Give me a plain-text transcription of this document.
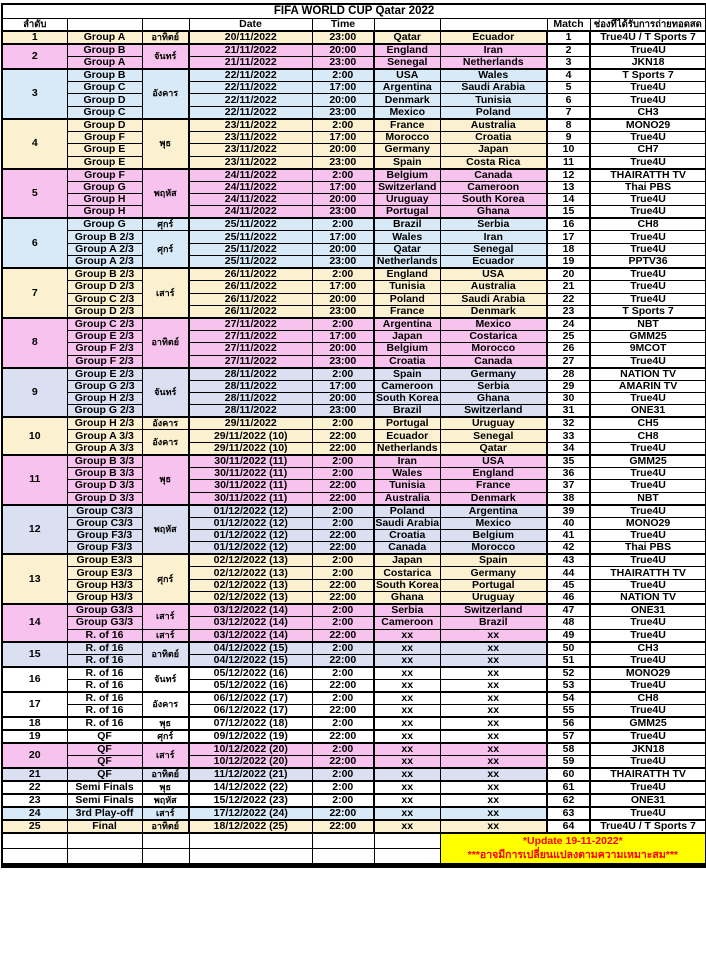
FIFA WORLD CUP Qatar 2022								
ลำดับ			Date	Time			Match	ช่องที่ได้รับการถ่ายทอดสด
1	Group A	อาทิตย์	20/11/2022	23:00	Qatar	Ecuador	1	True4U / T Sports 7
2	Group B	จันทร์	21/11/2022	20:00	England	Iran	2	True4U
	Group A		21/11/2022	23:00	Senegal	Netherlands	3	JKN18
3	Group B	อังคาร	22/11/2022	2:00	USA	Wales	4	T Sports 7
	Group C		22/11/2022	17:00	Argentina	Saudi Arabia	5	True4U
	Group D		22/11/2022	20:00	Denmark	Tunisia	6	True4U
	Group C		22/11/2022	23:00	Mexico	Poland	7	CH3
4	Group D	พุธ	23/11/2022	2:00	France	Australia	8	MONO29
	Group F		23/11/2022	17:00	Morocco	Croatia	9	True4U
	Group E		23/11/2022	20:00	Germany	Japan	10	CH7
	Group E		23/11/2022	23:00	Spain	Costa Rica	11	True4U
5	Group F	พฤหัส	24/11/2022	2:00	Belgium	Canada	12	THAIRATTH TV
	Group G		24/11/2022	17:00	Switzerland	Cameroon	13	Thai PBS
	Group H		24/11/2022	20:00	Uruguay	South Korea	14	True4U
	Group H		24/11/2022	23:00	Portugal	Ghana	15	True4U
6	Group G	ศุกร์	25/11/2022	2:00	Brazil	Serbia	16	CH8
	Group B 2/3	ศุกร์	25/11/2022	17:00	Wales	Iran	17	True4U
	Group A 2/3		25/11/2022	20:00	Qatar	Senegal	18	True4U
	Group A 2/3		25/11/2022	23:00	Netherlands	Ecuador	19	PPTV36
7	Group B 2/3	เสาร์	26/11/2022	2:00	England	USA	20	True4U
	Group D 2/3		26/11/2022	17:00	Tunisia	Australia	21	True4U
	Group C 2/3		26/11/2022	20:00	Poland	Saudi Arabia	22	True4U
	Group D 2/3		26/11/2022	23:00	France	Denmark	23	T Sports 7
8	Group C 2/3	อาทิตย์	27/11/2022	2:00	Argentina	Mexico	24	NBT
	Group E 2/3		27/11/2022	17:00	Japan	Costarica	25	GMM25
	Group F 2/3		27/11/2022	20:00	Belgium	Morocco	26	9MCOT
	Group F 2/3		27/11/2022	23:00	Croatia	Canada	27	True4U
9	Group E 2/3	จันทร์	28/11/2022	2:00	Spain	Germany	28	NATION TV
	Group G 2/3		28/11/2022	17:00	Cameroon	Serbia	29	AMARIN TV
	Group H 2/3		28/11/2022	20:00	South Korea	Ghana	30	True4U
	Group G 2/3		28/11/2022	23:00	Brazil	Switzerland	31	ONE31
10	Group H 2/3	อังคาร	29/11/2022	2:00	Portugal	Uruguay	32	CH5
	Group A 3/3	อังคาร	29/11/2022 (10)	22:00	Ecuador	Senegal	33	CH8
	Group A 3/3		29/11/2022 (10)	22:00	Netherlands	Qatar	34	True4U
11	Group B 3/3	พุธ	30/11/2022 (11)	2:00	Iran	USA	35	GMM25
	Group B 3/3		30/11/2022 (11)	2:00	Wales	England	36	True4U
	Group D 3/3		30/11/2022 (11)	22:00	Tunisia	France	37	True4U
	Group D 3/3		30/11/2022 (11)	22:00	Australia	Denmark	38	NBT
12	Group C3/3	พฤหัส	01/12/2022 (12)	2:00	Poland	Argentina	39	True4U
	Group C3/3		01/12/2022 (12)	2:00	Saudi Arabia	Mexico	40	MONO29
	Group F3/3		01/12/2022 (12)	22:00	Croatia	Belgium	41	True4U
	Group F3/3		01/12/2022 (12)	22:00	Canada	Morocco	42	Thai PBS
13	Group E3/3	ศุกร์	02/12/2022 (13)	2:00	Japan	Spain	43	True4U
	Group E3/3		02/12/2022 (13)	2:00	Costarica	Germany	44	THAIRATTH TV
	Group H3/3		02/12/2022 (13)	22:00	South Korea	Portugal	45	True4U
	Group H3/3		02/12/2022 (13)	22:00	Ghana	Uruguay	46	NATION TV
14	Group G3/3	เสาร์	03/12/2022 (14)	2:00	Serbia	Switzerland	47	ONE31
	Group G3/3		03/12/2022 (14)	2:00	Cameroon	Brazil	48	True4U
	R. of 16	เสาร์	03/12/2022 (14)	22:00	xx	xx	49	True4U
15	R. of 16	อาทิตย์	04/12/2022 (15)	2:00	xx	xx	50	CH3
	R. of 16		04/12/2022 (15)	22:00	xx	xx	51	True4U
16	R. of 16	จันทร์	05/12/2022 (16)	2:00	xx	xx	52	MONO29
	R. of 16		05/12/2022 (16)	22:00	xx	xx	53	True4U
17	R. of 16	อังคาร	06/12/2022 (17)	2:00	xx	xx	54	CH8
	R. of 16		06/12/2022 (17)	22:00	xx	xx	55	True4U
18	R. of 16	พุธ	07/12/2022 (18)	2:00	xx	xx	56	GMM25
19	QF	ศุกร์	09/12/2022 (19)	22:00	xx	xx	57	True4U
20	QF	เสาร์	10/12/2022 (20)	2:00	xx	xx	58	JKN18
	QF		10/12/2022 (20)	22:00	xx	xx	59	True4U
21	QF	อาทิตย์	11/12/2022 (21)	2:00	xx	xx	60	THAIRATTH TV
22	Semi Finals	พุธ	14/12/2022 (22)	2:00	xx	xx	61	True4U
23	Semi Finals	พฤหัส	15/12/2022 (23)	2:00	xx	xx	62	ONE31
24	3rd Play-off	เสาร์	17/12/2022 (24)	22:00	xx	xx	63	True4U
25	Final	อาทิตย์	18/12/2022 (25)	22:00	xx	xx	64	True4U / T Sports 7

						*Update 19-11-2022*
***อาจมีการเปลี่ยนแปลงตามความเหมาะสม***		
